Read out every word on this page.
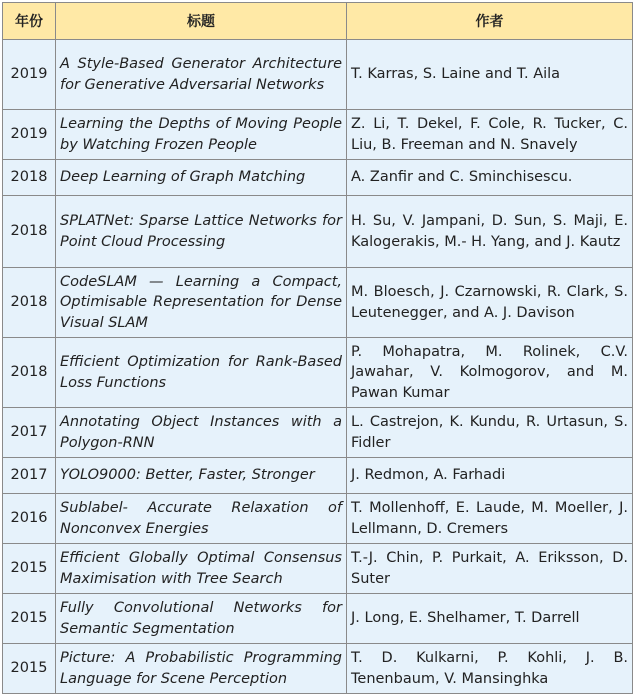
年份	标题	作者
2019	A Style-Based Generator Architecture for Generative Adversarial Networks	T. Karras, S. Laine and T. Aila
2019	Learning the Depths of Moving People by Watching Frozen People	Z. Li, T. Dekel, F. Cole, R. Tucker, C. Liu, B. Freeman and N. Snavely
2018	Deep Learning of Graph Matching	A. Zanfir and C. Sminchisescu.
2018	SPLATNet: Sparse Lattice Networks for Point Cloud Processing	H. Su, V. Jampani, D. Sun, S. Maji, E. Kalogerakis, M.- H. Yang, and J. Kautz
2018	CodeSLAM — Learning a Compact, Optimisable Representation for Dense Visual SLAM	M. Bloesch, J. Czarnowski, R. Clark, S. Leutenegger, and A. J. Davison
2018	Efficient Optimization for Rank-Based Loss Functions	P. Mohapatra, M. Rolinek, C.V. Jawahar, V. Kolmogorov, and M. Pawan Kumar
2017	Annotating Object Instances with a Polygon-RNN	L. Castrejon, K. Kundu, R. Urtasun, S. Fidler
2017	YOLO9000: Better, Faster, Stronger	J. Redmon, A. Farhadi
2016	Sublabel- Accurate Relaxation of Nonconvex Energies	T. Mollenhoff, E. Laude, M. Moeller, J. Lellmann, D. Cremers
2015	Efficient Globally Optimal Consensus Maximisation with Tree Search	T.-J. Chin, P. Purkait, A. Eriksson, D. Suter
2015	Fully Convolutional Networks for Semantic Segmentation	J. Long, E. Shelhamer, T. Darrell
2015	Picture: A Probabilistic Programming Language for Scene Perception	T. D. Kulkarni, P. Kohli, J. B. Tenenbaum, V. Mansinghka
